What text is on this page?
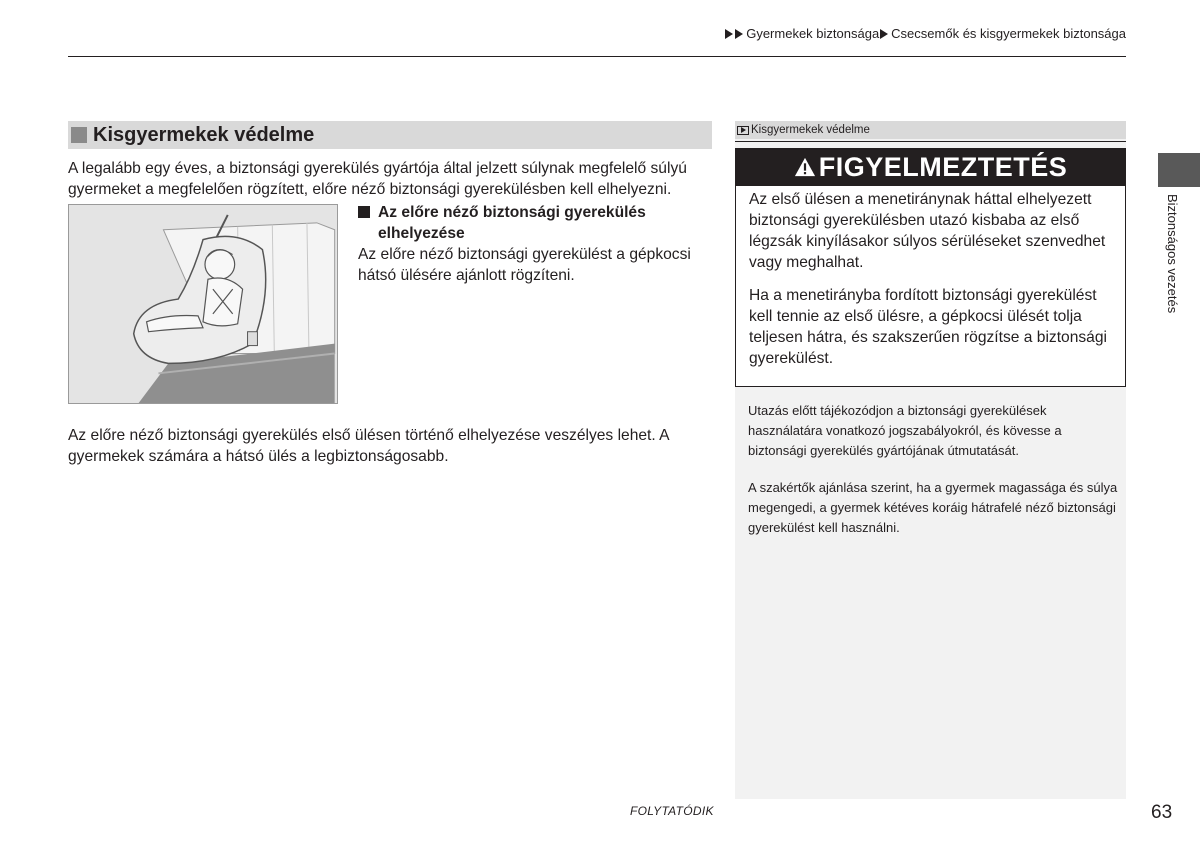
Gyermekek biztonsága Csecsemők és kisgyermekek biztonsága
Kisgyermekek védelme

A legalább egy éves, a biztonsági gyerekülés gyártója által jelzett súlynak megfelelő súlyú gyermeket a megfelelően rögzített, előre néző biztonsági gyerekülésben kell elhelyezni.

Az előre néző biztonsági gyerekülés elhelyezése

Az előre néző biztonsági gyerekülést a gépkocsi hátsó ülésére ajánlott rögzíteni.

Az előre néző biztonsági gyerekülés első ülésen történő elhelyezése veszélyes lehet. A gyermekek számára a hátsó ülés a legbiztonságosabb.

Kisgyermekek védelme
FIGYELMEZTETÉS

Az első ülésen a menetiránynak háttal elhelyezett biztonsági gyerekülésben utazó kisbaba az első légzsák kinyílásakor súlyos sérüléseket szenvedhet vagy meghalhat.

Ha a menetirányba fordított biztonsági gyerekülést kell tennie az első ülésre, a gépkocsi ülését tolja teljesen hátra, és szakszerűen rögzítse a biztonsági gyerekülést.

Utazás előtt tájékozódjon a biztonsági gyerekülések használatára vonatkozó jogszabályokról, és kövesse a biztonsági gyerekülés gyártójának útmutatását.

A szakértők ajánlása szerint, ha a gyermek magassága és súlya megengedi, a gyermek kétéves koráig hátrafelé néző biztonsági gyerekülést kell használni.

Biztonságos vezetés
FOLYTATÓDIK	63
